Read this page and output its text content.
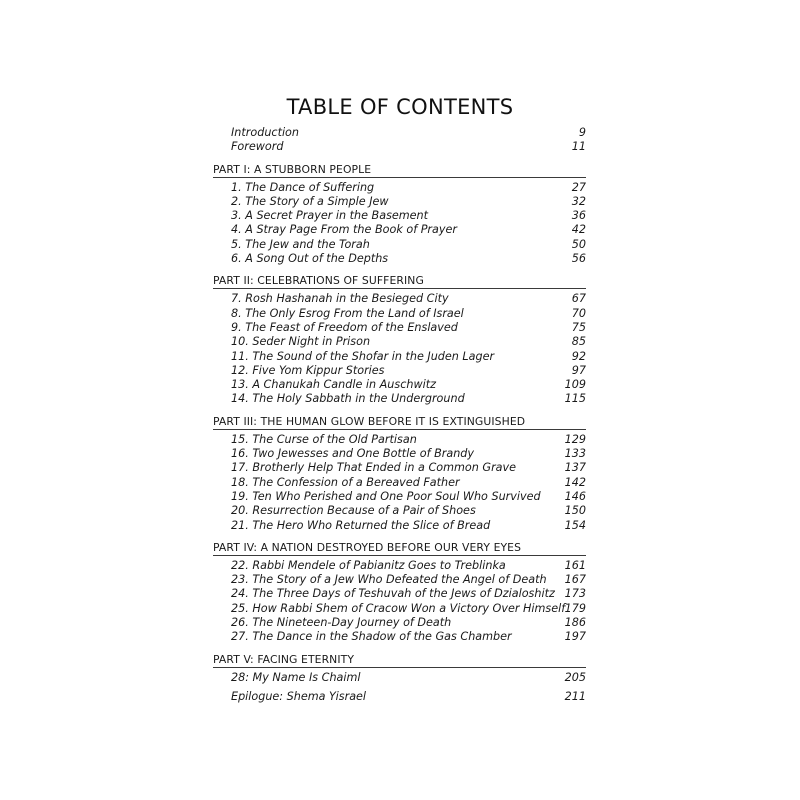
TABLE OF CONTENTS
Introduction	9
Foreword	11
PART I: A STUBBORN PEOPLE
1. The Dance of Suffering	27
2. The Story of a Simple Jew	32
3. A Secret Prayer in the Basement	36
4. A Stray Page From the Book of Prayer	42
5. The Jew and the Torah	50
6. A Song Out of the Depths	56
PART II: CELEBRATIONS OF SUFFERING
7. Rosh Hashanah in the Besieged City	67
8. The Only Esrog From the Land of Israel	70
9. The Feast of Freedom of the Enslaved	75
10. Seder Night in Prison	85
11. The Sound of the Shofar in the Juden Lager	92
12. Five Yom Kippur Stories	97
13. A Chanukah Candle in Auschwitz	109
14. The Holy Sabbath in the Underground	115
PART III: THE HUMAN GLOW BEFORE IT IS EXTINGUISHED
15. The Curse of the Old Partisan	129
16. Two Jewesses and One Bottle of Brandy	133
17. Brotherly Help That Ended in a Common Grave	137
18. The Confession of a Bereaved Father	142
19. Ten Who Perished and One Poor Soul Who Survived 146
20. Resurrection Because of a Pair of Shoes	150
21. The Hero Who Returned the Slice of Bread	154
PART IV: A NATION DESTROYED BEFORE OUR VERY EYES
22. Rabbi Mendele of Pabianitz Goes to Treblinka	161
23. The Story of a Jew Who Defeated the Angel of Death 167
24. The Three Days of Teshuvah of the Jews of Dzialoshitz 173
25. How Rabbi Shem of Cracow Won a Victory Over Himself 179
26. The Nineteen-Day Journey of Death	186
27. The Dance in the Shadow of the Gas Chamber	197
PART V: FACING ETERNITY
28: My Name Is Chaiml	205
Epilogue: Shema Yisrael	211
